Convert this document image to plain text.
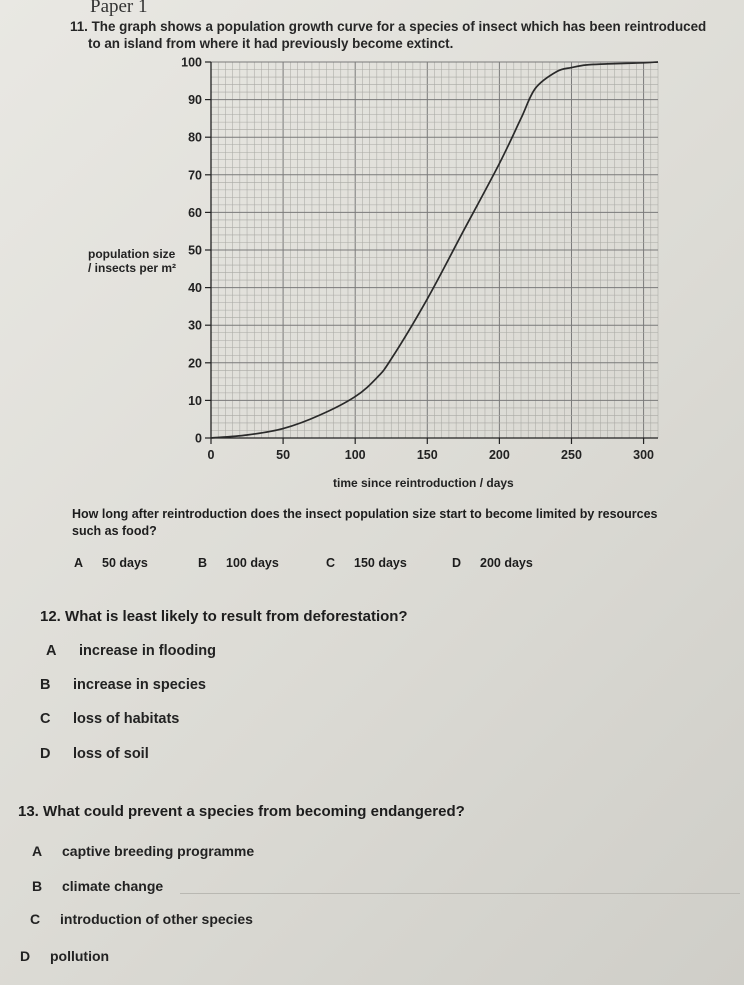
Paper 1
11. The graph shows a population growth curve for a species of insect which has been reintroduced
to an island from where it had previously become extinct.
0
10
20
30
40
50
60
70
80
90
100
0	50	100	150	200	250	300
population size
/ insects per m²
time since reintroduction / days
How long after reintroduction does the insect population size start to become limited by resources
such as food?
A 50 days	B 100 days	C 150 days	D 200 days
12. What is least likely to result from deforestation?
A increase in flooding
B increase in species
C loss of habitats
D loss of soil
13. What could prevent a species from becoming endangered?
A captive breeding programme
B climate change
C introduction of other species
D pollution
